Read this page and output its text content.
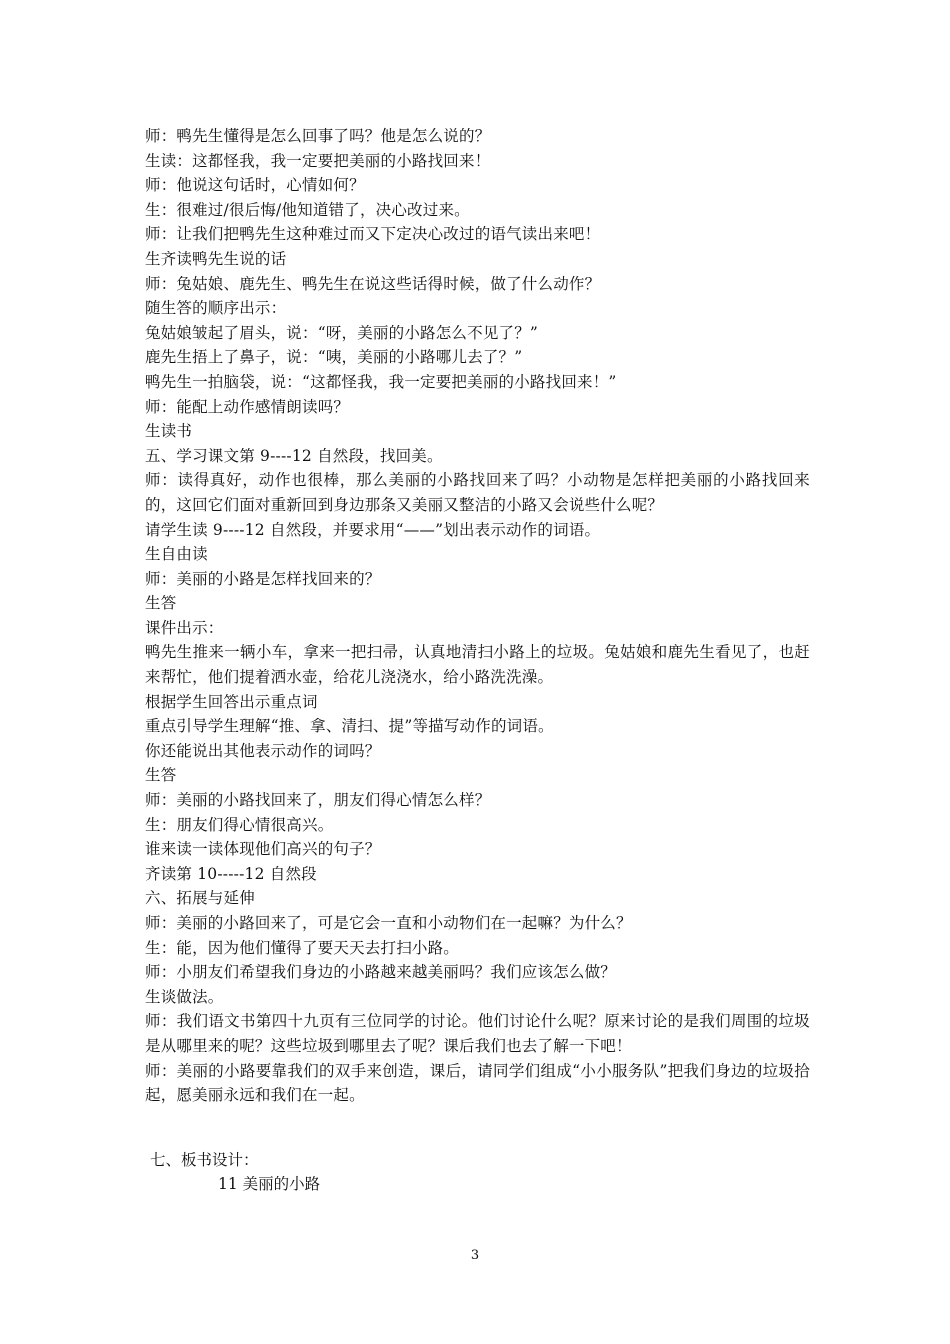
师：鸭先生懂得是怎么回事了吗？他是怎么说的？
生读：这都怪我，我一定要把美丽的小路找回来！
师：他说这句话时，心情如何？
生：很难过/很后悔/他知道错了，决心改过来。
师：让我们把鸭先生这种难过而又下定决心改过的语气读出来吧！
生齐读鸭先生说的话
师：兔姑娘、鹿先生、鸭先生在说这些话得时候，做了什么动作？
随生答的顺序出示：
兔姑娘皱起了眉头，说：“呀，美丽的小路怎么不见了？”
鹿先生捂上了鼻子，说：“咦，美丽的小路哪儿去了？”
鸭先生一拍脑袋，说：“这都怪我，我一定要把美丽的小路找回来！”
师：能配上动作感情朗读吗？
生读书
五、学习课文第 9----12 自然段，找回美。
师：读得真好，动作也很棒，那么美丽的小路找回来了吗？小动物是怎样把美丽的小路找回来的，这回它们面对重新回到身边那条又美丽又整洁的小路又会说些什么呢？
请学生读 9----12 自然段，并要求用“——”划出表示动作的词语。
生自由读
师：美丽的小路是怎样找回来的？
生答
课件出示：
鸭先生推来一辆小车，拿来一把扫帚，认真地清扫小路上的垃圾。兔姑娘和鹿先生看见了，也赶来帮忙，他们提着洒水壶，给花儿浇浇水，给小路洗洗澡。
根据学生回答出示重点词
重点引导学生理解“推、拿、清扫、提”等描写动作的词语。
你还能说出其他表示动作的词吗？
生答
师：美丽的小路找回来了，朋友们得心情怎么样？
生：朋友们得心情很高兴。
谁来读一读体现他们高兴的句子？
齐读第 10-----12 自然段
六、拓展与延伸
师：美丽的小路回来了，可是它会一直和小动物们在一起嘛？为什么？
生：能，因为他们懂得了要天天去打扫小路。
师：小朋友们希望我们身边的小路越来越美丽吗？我们应该怎么做？
生谈做法。
师：我们语文书第四十九页有三位同学的讨论。他们讨论什么呢？原来讨论的是我们周围的垃圾是从哪里来的呢？这些垃圾到哪里去了呢？课后我们也去了解一下吧！
师：美丽的小路要靠我们的双手来创造，课后，请同学们组成“小小服务队”把我们身边的垃圾拾起，愿美丽永远和我们在一起。
七、板书设计：
11 美丽的小路
3
